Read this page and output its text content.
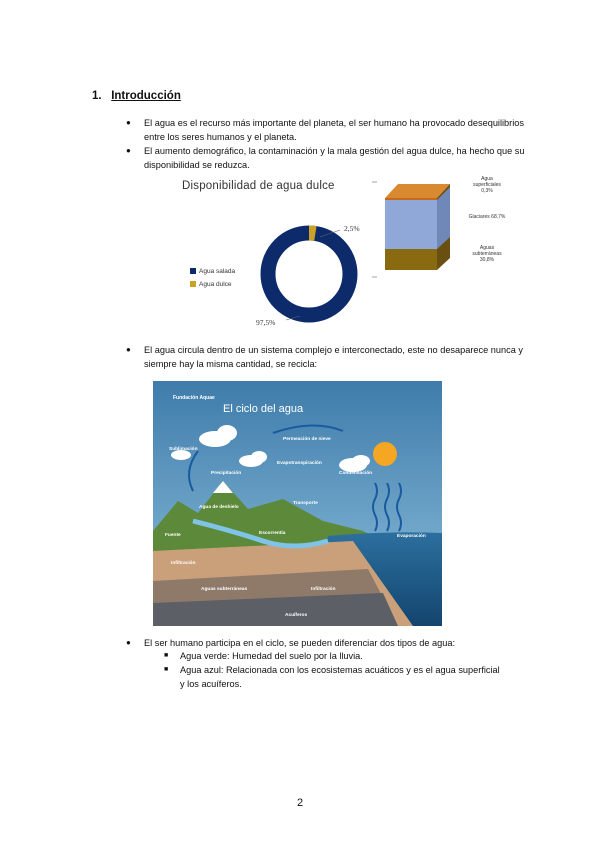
1. Introducción
● El agua es el recurso más importante del planeta, el ser humano ha provocado desequilibrios entre los seres humanos y el planeta.
● El aumento demográfico, la contaminación y la mala gestión del agua dulce, ha hecho que su disponibilidad se reduzca.
Disponibilidad de agua dulce
Agua salada
Agua dulce
2,5%
97,5%
Agua superficiales 0,3%
Glaciares 68,7%
Aguas subterráneas 30,8%
● El agua circula dentro de un sistema complejo e interconectado, este no desaparece nunca y siempre hay la misma cantidad, se recicla:
Fundación Aquae
El ciclo del agua
Permeación de nieve
Evapotranspiración
Condensación
Precipitación
Escorrentía
Evaporación
Infiltración
Aguas subterráneas
Acuíferos
Infiltración
Fuente
Agua de deshielo
Transporte
Sublimación
● El ser humano participa en el ciclo, se pueden diferenciar dos tipos de agua:
■ Agua verde: Humedad del suelo por la lluvia.
■ Agua azul: Relacionada con los ecosistemas acuáticos y es el agua superficial y los acuíferos.
2
